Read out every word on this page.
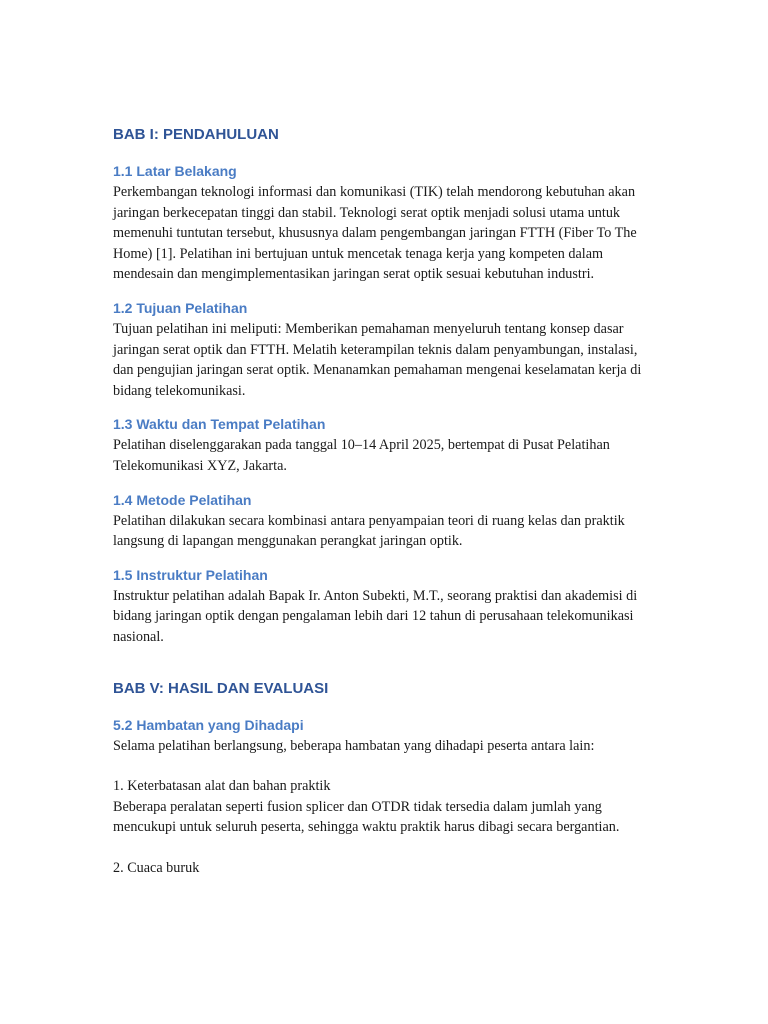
BAB I: PENDAHULUAN
1.1 Latar Belakang

Perkembangan teknologi informasi dan komunikasi (TIK) telah mendorong kebutuhan akan jaringan berkecepatan tinggi dan stabil. Teknologi serat optik menjadi solusi utama untuk memenuhi tuntutan tersebut, khususnya dalam pengembangan jaringan FTTH (Fiber To The Home) [1]. Pelatihan ini bertujuan untuk mencetak tenaga kerja yang kompeten dalam mendesain dan mengimplementasikan jaringan serat optik sesuai kebutuhan industri.

1.2 Tujuan Pelatihan

Tujuan pelatihan ini meliputi: Memberikan pemahaman menyeluruh tentang konsep dasar jaringan serat optik dan FTTH. Melatih keterampilan teknis dalam penyambungan, instalasi, dan pengujian jaringan serat optik. Menanamkan pemahaman mengenai keselamatan kerja di bidang telekomunikasi.

1.3 Waktu dan Tempat Pelatihan

Pelatihan diselenggarakan pada tanggal 10–14 April 2025, bertempat di Pusat Pelatihan Telekomunikasi XYZ, Jakarta.

1.4 Metode Pelatihan

Pelatihan dilakukan secara kombinasi antara penyampaian teori di ruang kelas dan praktik langsung di lapangan menggunakan perangkat jaringan optik.

1.5 Instruktur Pelatihan

Instruktur pelatihan adalah Bapak Ir. Anton Subekti, M.T., seorang praktisi dan akademisi di bidang jaringan optik dengan pengalaman lebih dari 12 tahun di perusahaan telekomunikasi nasional.

BAB V: HASIL DAN EVALUASI
5.2 Hambatan yang Dihadapi

Selama pelatihan berlangsung, beberapa hambatan yang dihadapi peserta antara lain:

1. Keterbatasan alat dan bahan praktik

Beberapa peralatan seperti fusion splicer dan OTDR tidak tersedia dalam jumlah yang mencukupi untuk seluruh peserta, sehingga waktu praktik harus dibagi secara bergantian.

2. Cuaca buruk
